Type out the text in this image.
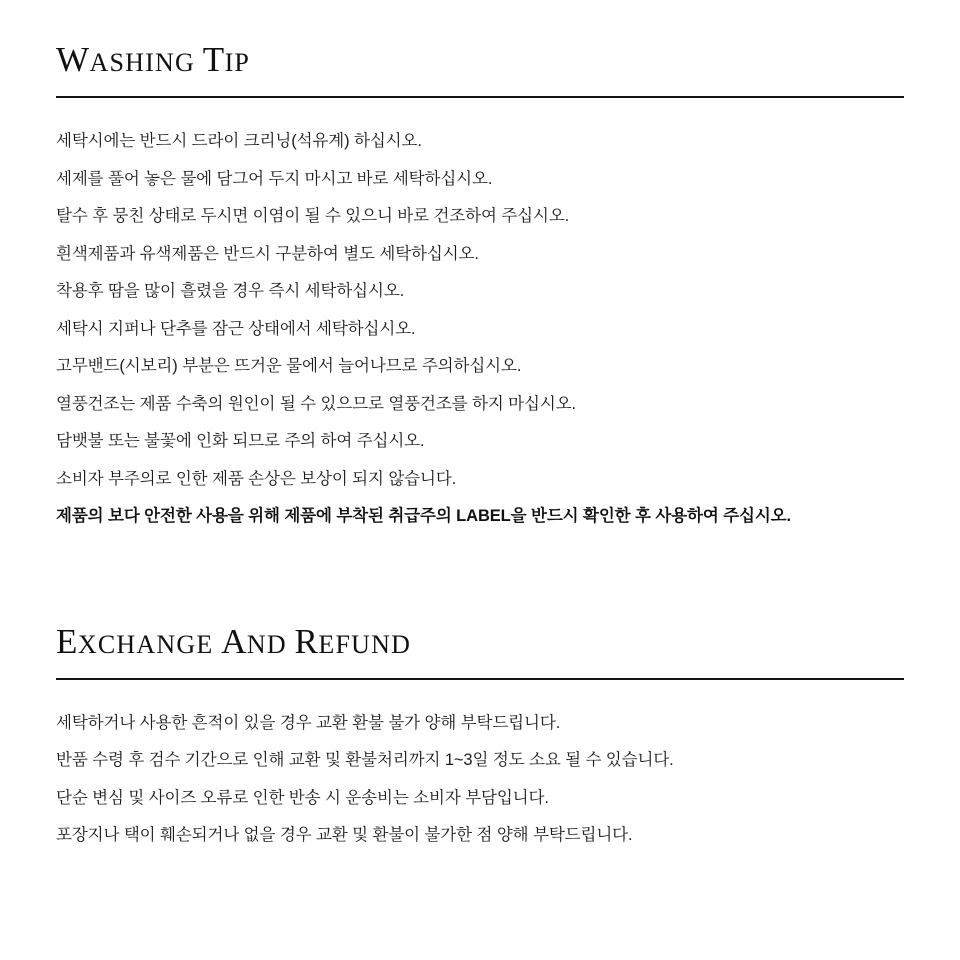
WASHING TIP
세탁시에는 반드시 드라이 크리닝(석유계) 하십시오.
세제를 풀어 놓은 물에 담그어 두지 마시고 바로 세탁하십시오.
탈수 후 뭉친 상태로 두시면 이염이 될 수 있으니 바로 건조하여 주십시오.
흰색제품과 유색제품은 반드시 구분하여 별도 세탁하십시오.
착용후 땀을 많이 흘렸을 경우 즉시 세탁하십시오.
세탁시 지퍼나 단추를 잠근 상태에서 세탁하십시오.
고무밴드(시보리) 부분은 뜨거운 물에서 늘어나므로 주의하십시오.
열풍건조는 제품 수축의 원인이 될 수 있으므로 열풍건조를 하지 마십시오.
담뱃불 또는 불꽃에 인화 되므로 주의 하여 주십시오.
소비자 부주의로 인한 제품 손상은 보상이 되지 않습니다.
제품의 보다 안전한 사용을 위해 제품에 부착된 취급주의 LABEL을 반드시 확인한 후 사용하여 주십시오.
EXCHANGE AND REFUND
세탁하거나 사용한 흔적이 있을 경우 교환 환불 불가 양해 부탁드립니다.
반품 수령 후 검수 기간으로 인해 교환 및 환불처리까지 1~3일 정도 소요 될 수 있습니다.
단순 변심 및 사이즈 오류로 인한 반송 시 운송비는 소비자 부담입니다.
포장지나 택이 훼손되거나 없을 경우 교환 및 환불이 불가한 점 양해 부탁드립니다.
